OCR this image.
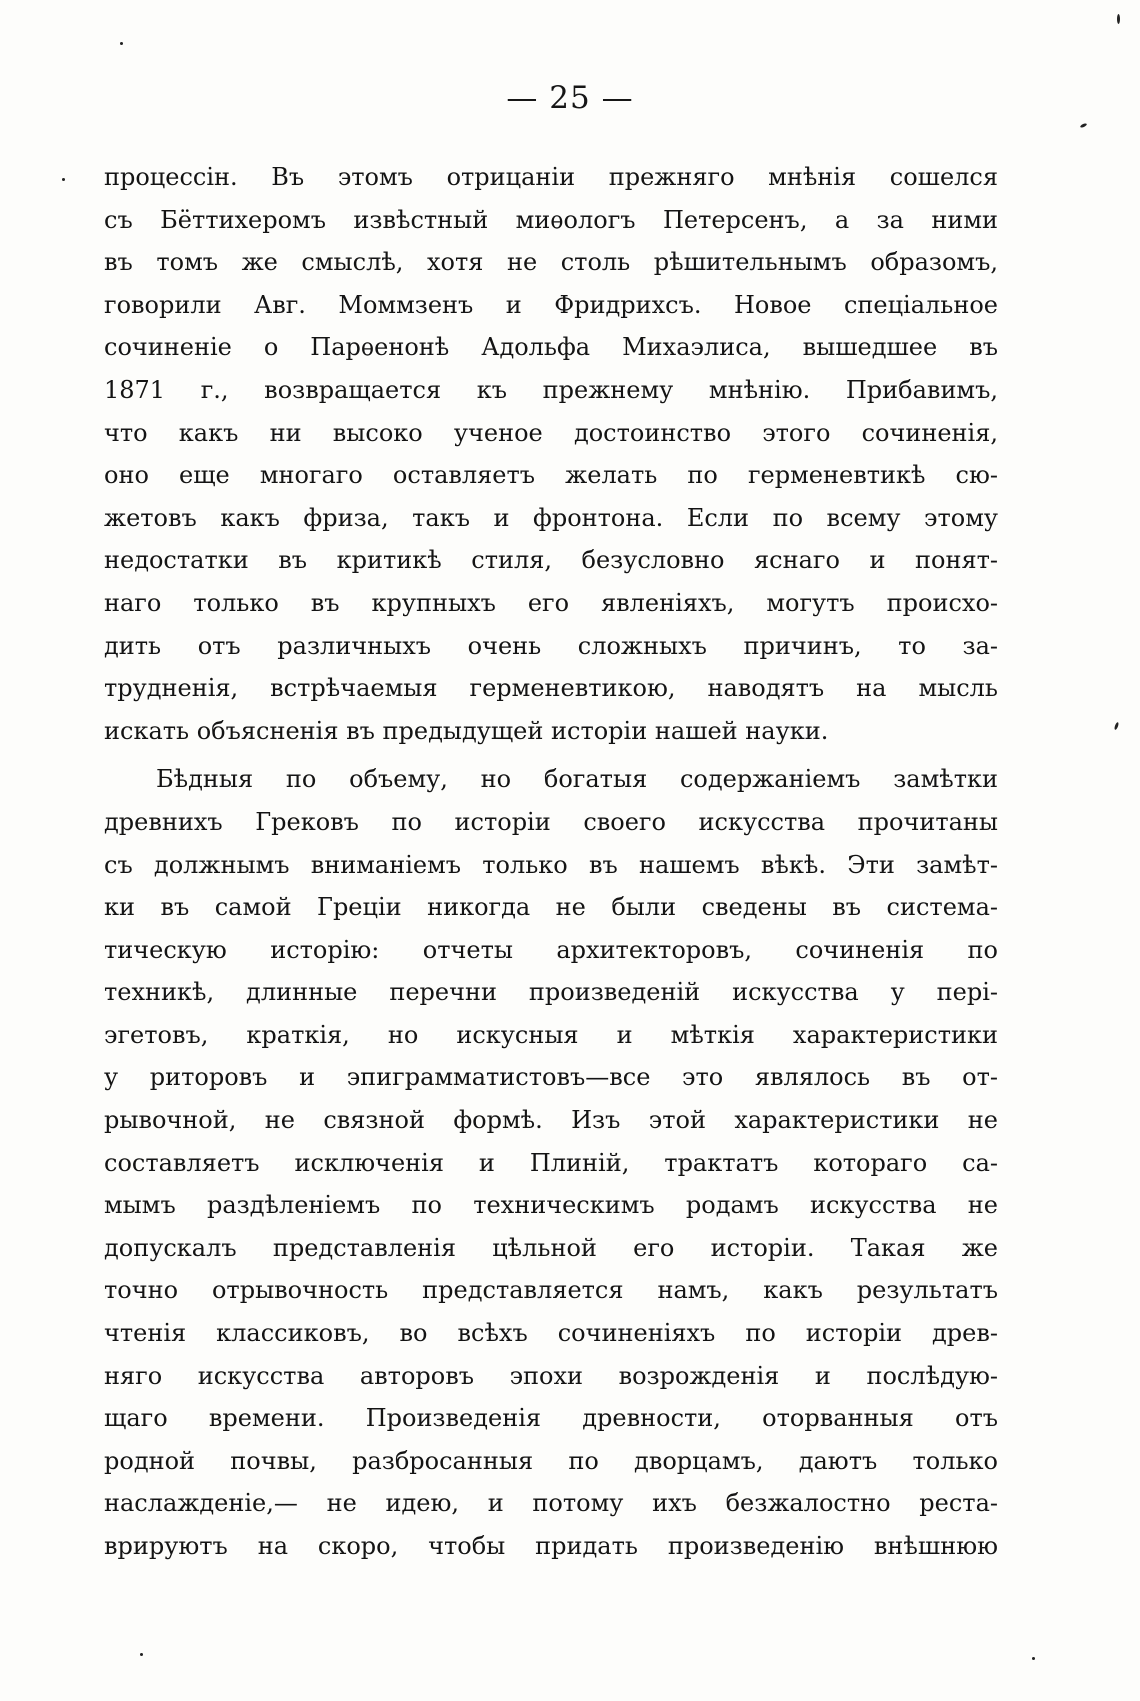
— 25 —
процессін. Въ этомъ отрицаніи прежняго мнѣнія сошелся
съ Бёттихеромъ извѣстный миѳологъ Петерсенъ, а за ними
въ томъ же смыслѣ, хотя не столь рѣшительнымъ образомъ,
говорили Авг. Моммзенъ и Фридрихсъ. Новое спеціальное
сочиненіе о Парѳенонѣ Адольфа Михаэлиса, вышедшее въ
1871 г., возвращается къ прежнему мнѣнію. Прибавимъ,
что какъ ни высоко ученое достоинство этого сочиненія,
оно еще многаго оставляетъ желать по герменевтикѣ сю-
жетовъ какъ фриза, такъ и фронтона. Если по всему этому
недостатки въ критикѣ стиля, безусловно яснаго и понят-
наго только въ крупныхъ его явленіяхъ, могутъ происхо-
дить отъ различныхъ очень сложныхъ причинъ, то за-
трудненія, встрѣчаемыя герменевтикою, наводятъ на мысль
искать объясненія въ предыдущей исторіи нашей науки.
Бѣдныя по объему, но богатыя содержаніемъ замѣтки
древнихъ Грековъ по исторіи своего искусства прочитаны
съ должнымъ вниманіемъ только въ нашемъ вѣкѣ. Эти замѣт-
ки въ самой Греціи никогда не были сведены въ система-
тическую исторію: отчеты архитекторовъ, сочиненія по
техникѣ, длинные перечни произведеній искусства у перi-
эгетовъ, краткія, но искусныя и мѣткія характеристики
у риторовъ и эпиграмматистовъ—все это являлось въ от-
рывочной, не связной формѣ. Изъ этой характеристики не
составляетъ исключенія и Плиній, трактатъ котораго са-
мымъ раздѣленіемъ по техническимъ родамъ искусства не
допускалъ представленія цѣльной его исторіи. Такая же
точно отрывочность представляется намъ, какъ результатъ
чтенія классиковъ, во всѣхъ сочиненіяхъ по исторіи древ-
няго искусства авторовъ эпохи возрожденія и послѣдую-
щаго времени. Произведенія древности, оторванныя отъ
родной почвы, разбросанныя по дворцамъ, даютъ только
наслажденіе,— не идею, и потому ихъ безжалостно реста-
врируютъ на скоро, чтобы придать произведенію внѣшнюю
